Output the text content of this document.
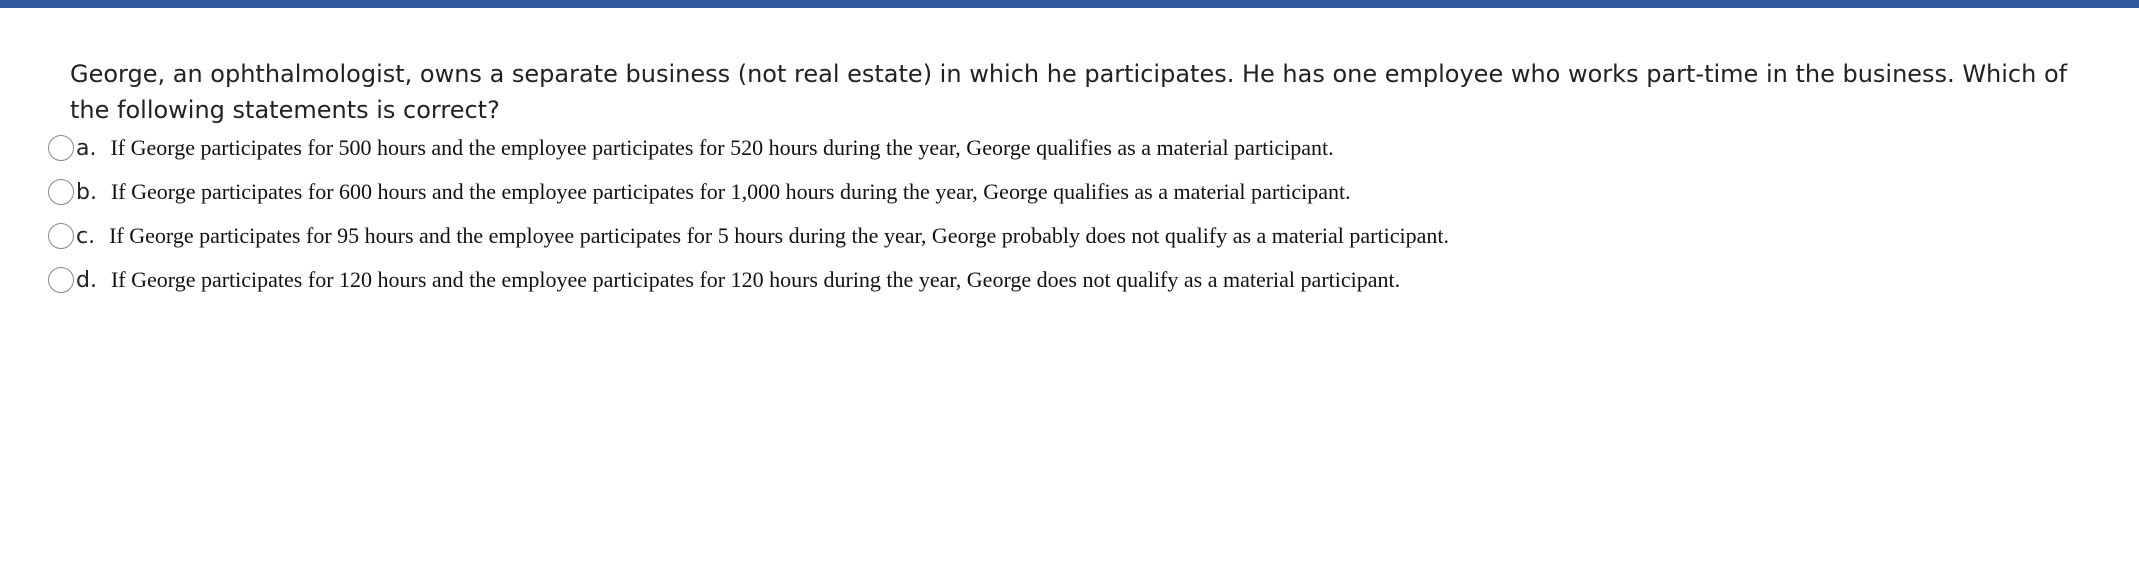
George, an ophthalmologist, owns a separate business (not real estate) in which he participates. He has one employee who works part-time in the business. Which of the following statements is correct?

a. If George participates for 500 hours and the employee participates for 520 hours during the year, George qualifies as a material participant.
b. If George participates for 600 hours and the employee participates for 1,000 hours during the year, George qualifies as a material participant.
c. If George participates for 95 hours and the employee participates for 5 hours during the year, George probably does not qualify as a material participant.
d. If George participates for 120 hours and the employee participates for 120 hours during the year, George does not qualify as a material participant.
